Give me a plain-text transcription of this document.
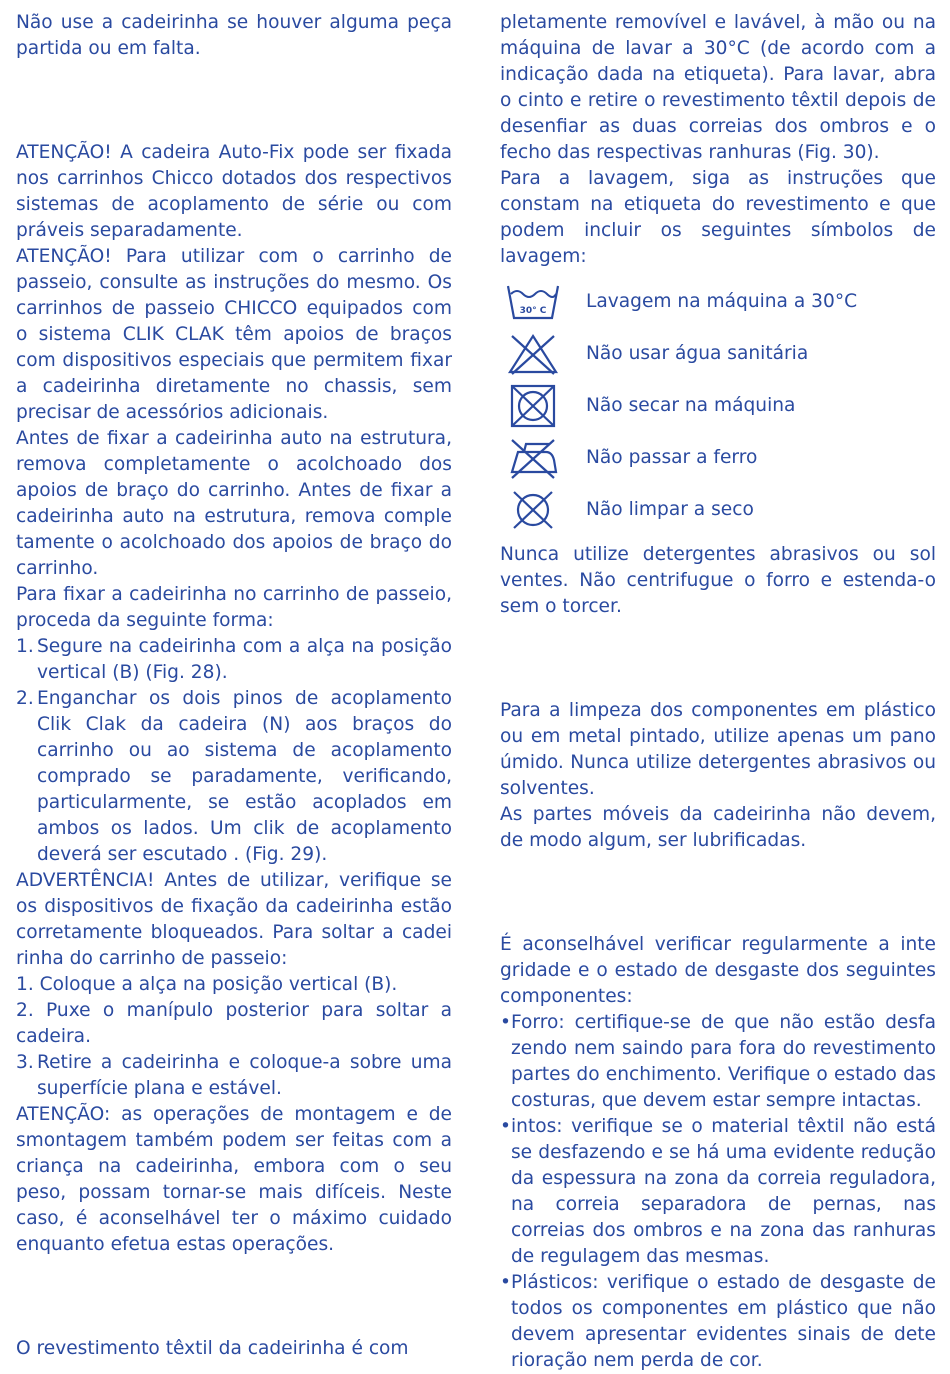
Não use a cadeirinha se houver alguma peça partida ou em falta.

ATENÇÃO! A cadeira Auto-Fix pode ser fixada nos carrinhos Chicco dotados dos respectivos sistemas de acoplamento de série ou com práveis separadamente.

ATENÇÃO! Para utilizar com o carrinho de passeio, consulte as instruções do mesmo. Os carrinhos de passeio CHICCO equipados com o sistema CLIK CLAK têm apoios de braços com dispositivos especiais que permitem fixar a cadeirinha diretamente no chassis, sem precisar de acessórios adicionais.

Antes de fixar a cadeirinha auto na estrutura, remova completamente o acolchoado dos apoios de braço do carrinho. Antes de fixar a cadeirinha auto na estrutura, remova comple tamente o acolchoado dos apoios de braço do carrinho.

Para fixar a cadeirinha no carrinho de passeio, proceda da seguinte forma:

1. Segure na cadeirinha com a alça na posição vertical (B) (Fig. 28).
2. Enganchar os dois pinos de acoplamento Clik Clak da cadeira (N) aos braços do carrinho ou ao sistema de acoplamento comprado se paradamente, verificando, particularmente, se estão acoplados em ambos os lados. Um clik de acoplamento deverá ser escutado . (Fig. 29).

ADVERTÊNCIA! Antes de utilizar, verifique se os dispositivos de fixação da cadeirinha estão corretamente bloqueados. Para soltar a cadei rinha do carrinho de passeio:

1. Coloque a alça na posição vertical (B).
2. Puxe o manípulo posterior para soltar a cadeira.
3. Retire a cadeirinha e coloque-a sobre uma superfície plana e estável.

ATENÇÃO: as operações de montagem e de smontagem também podem ser feitas com a criança na cadeirinha, embora com o seu peso, possam tornar-se mais difíceis. Neste caso, é aconselhável ter o máximo cuidado enquanto efetua estas operações.

O revestimento têxtil da cadeirinha é com

pletamente removível e lavável, à mão ou na máquina de lavar a 30°C (de acordo com a indicação dada na etiqueta). Para lavar, abra o cinto e retire o revestimento têxtil depois de desenfiar as duas correias dos ombros e o fecho das respectivas ranhuras (Fig. 30).

Para a lavagem, siga as instruções que constam na etiqueta do revestimento e que podem incluir os seguintes símbolos de lavagem:

30° C Lavagem na máquina a 30°C
Não usar água sanitária
Não secar na máquina
Não passar a ferro
Não limpar a seco

Nunca utilize detergentes abrasivos ou sol ventes. Não centrifugue o forro e estenda-o sem o torcer.

Para a limpeza dos componentes em plástico ou em metal pintado, utilize apenas um pano úmido. Nunca utilize detergentes abrasivos ou solventes.

As partes móveis da cadeirinha não devem, de modo algum, ser lubrificadas.

É aconselhável verificar regularmente a inte gridade e o estado de desgaste dos seguintes componentes:

• Forro: certifique-se de que não estão desfa zendo nem saindo para fora do revestimento partes do enchimento. Verifique o estado das costuras, que devem estar sempre intactas.
• intos: verifique se o material têxtil não está se desfazendo e se há uma evidente redução da espessura na zona da correia reguladora, na correia separadora de pernas, nas correias dos ombros e na zona das ranhuras de regulagem das mesmas.
• Plásticos: verifique o estado de desgaste de todos os componentes em plástico que não devem apresentar evidentes sinais de dete rioração nem perda de cor.
